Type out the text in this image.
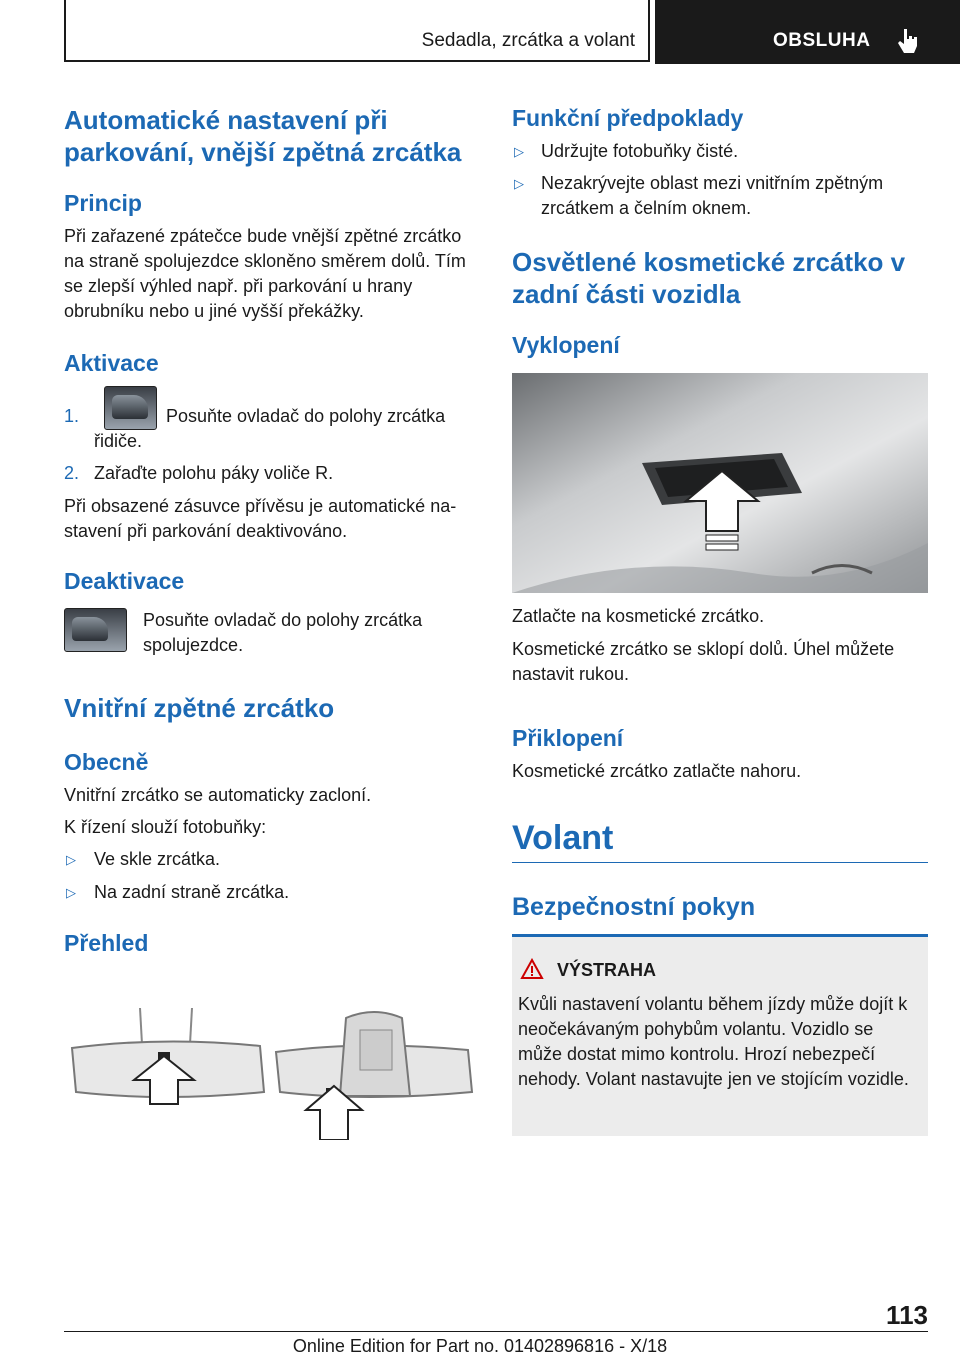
Sedadla, zrcátka a volant	OBSLUHA
Automatické nastavení při parkování, vnější zpětná zrcátka
Princip
Při zařazené zpátečce bude vnější zpětné zrcátko na straně spolujezdce skloněno směrem dolů. Tím se zlepší výhled např. při parkování u hrany obrubníku nebo u jiné vyšší překážky.
Aktivace
1.	Posuňte ovladač do polohy zrcátka řidiče.
2. Zařaďte polohu páky voliče R.
Při obsazené zásuvce přívěsu je automatické nastavení při parkování deaktivováno.
Deaktivace
Posuňte ovladač do polohy zrcátka spolujezdce.
Vnitřní zpětné zrcátko
Obecně
Vnitřní zrcátko se automaticky zaclоní.
K řízení slouží fotobuňky:
▷ Ve skle zrcátka.
▷ Na zadní straně zrcátka.
Přehled
Funkční předpoklady
▷ Udržujte fotobuňky čisté.
▷ Nezakrývejte oblast mezi vnitřním zpětným zrcátkem a čelním oknem.
Osvětlené kosmetické zrcátko v zadní části vozidla
Vyklopení
Zatlačte na kosmetické zrcátko.
Kosmetické zrcátko se sklopí dolů. Úhel můžete nastavit rukou.
Přiklopení
Kosmetické zrcátko zatlačte nahoru.
Volant
Bezpečnostní pokyn
VÝSTRAHA
Kvůli nastavení volantu během jízdy může dojít k neočekávaným pohybům volantu. Vozidlo se může dostat mimo kontrolu. Hrozí nebezpečí nehody. Volant nastavujte jen ve stojícím vozidle.
113
Online Edition for Part no. 01402896816 - X/18
